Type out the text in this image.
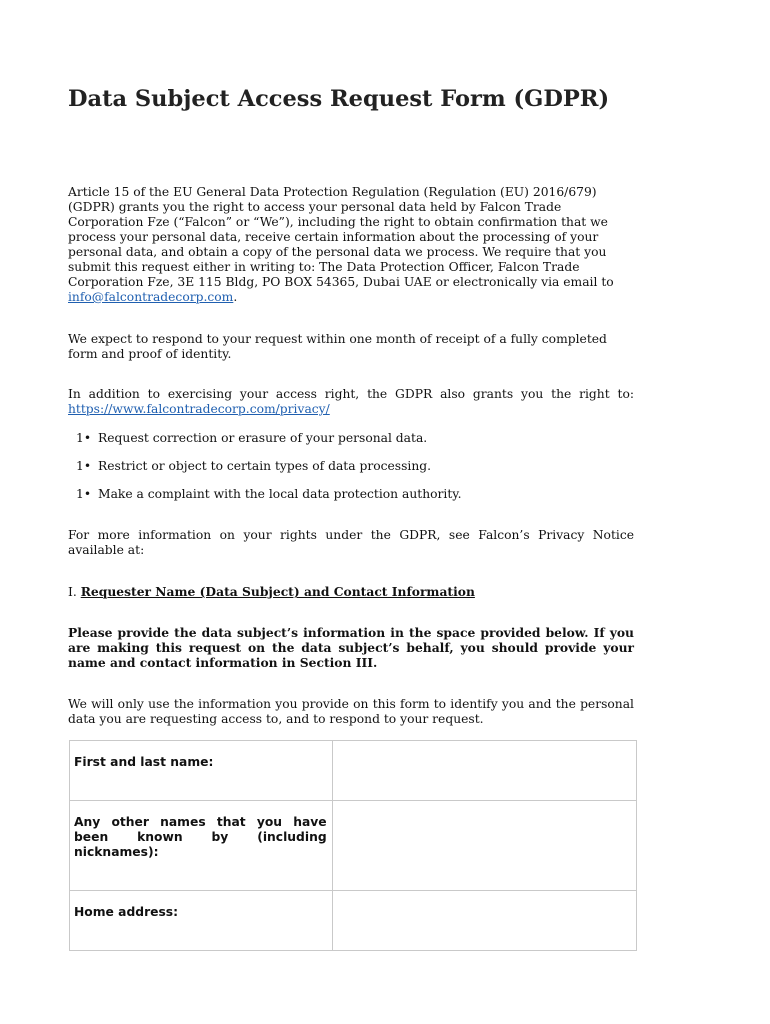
Data Subject Access Request Form (GDPR)

Article 15 of the EU General Data Protection Regulation (Regulation (EU) 2016/679) (GDPR) grants you the right to access your personal data held by Falcon Trade Corporation Fze (“Falcon” or “We”), including the right to obtain confirmation that we process your personal data, receive certain information about the processing of your personal data, and obtain a copy of the personal data we process. We require that you submit this request either in writing to: The Data Protection Officer, Falcon Trade Corporation Fze, 3E 115 Bldg, PO BOX 54365, Dubai UAE or electronically via email to info@falcontradecorp.com.

We expect to respond to your request within one month of receipt of a fully completed form and proof of identity.

In addition to exercising your access right, the GDPR also grants you the right to:
https://www.falcontradecorp.com/privacy/

1• Request correction or erasure of your personal data.
1• Restrict or object to certain types of data processing.
1• Make a complaint with the local data protection authority.

For more information on your rights under the GDPR, see Falcon’s Privacy Notice available at:

I. Requester Name (Data Subject) and Contact Information

Please provide the data subject’s information in the space provided below. If you are making this request on the data subject’s behalf, you should provide your name and contact information in Section III.

We will only use the information you provide on this form to identify you and the personal data you are requesting access to, and to respond to your request.

First and last name:	

Any other names that you have been known by (including nicknames):	

Home address:	
